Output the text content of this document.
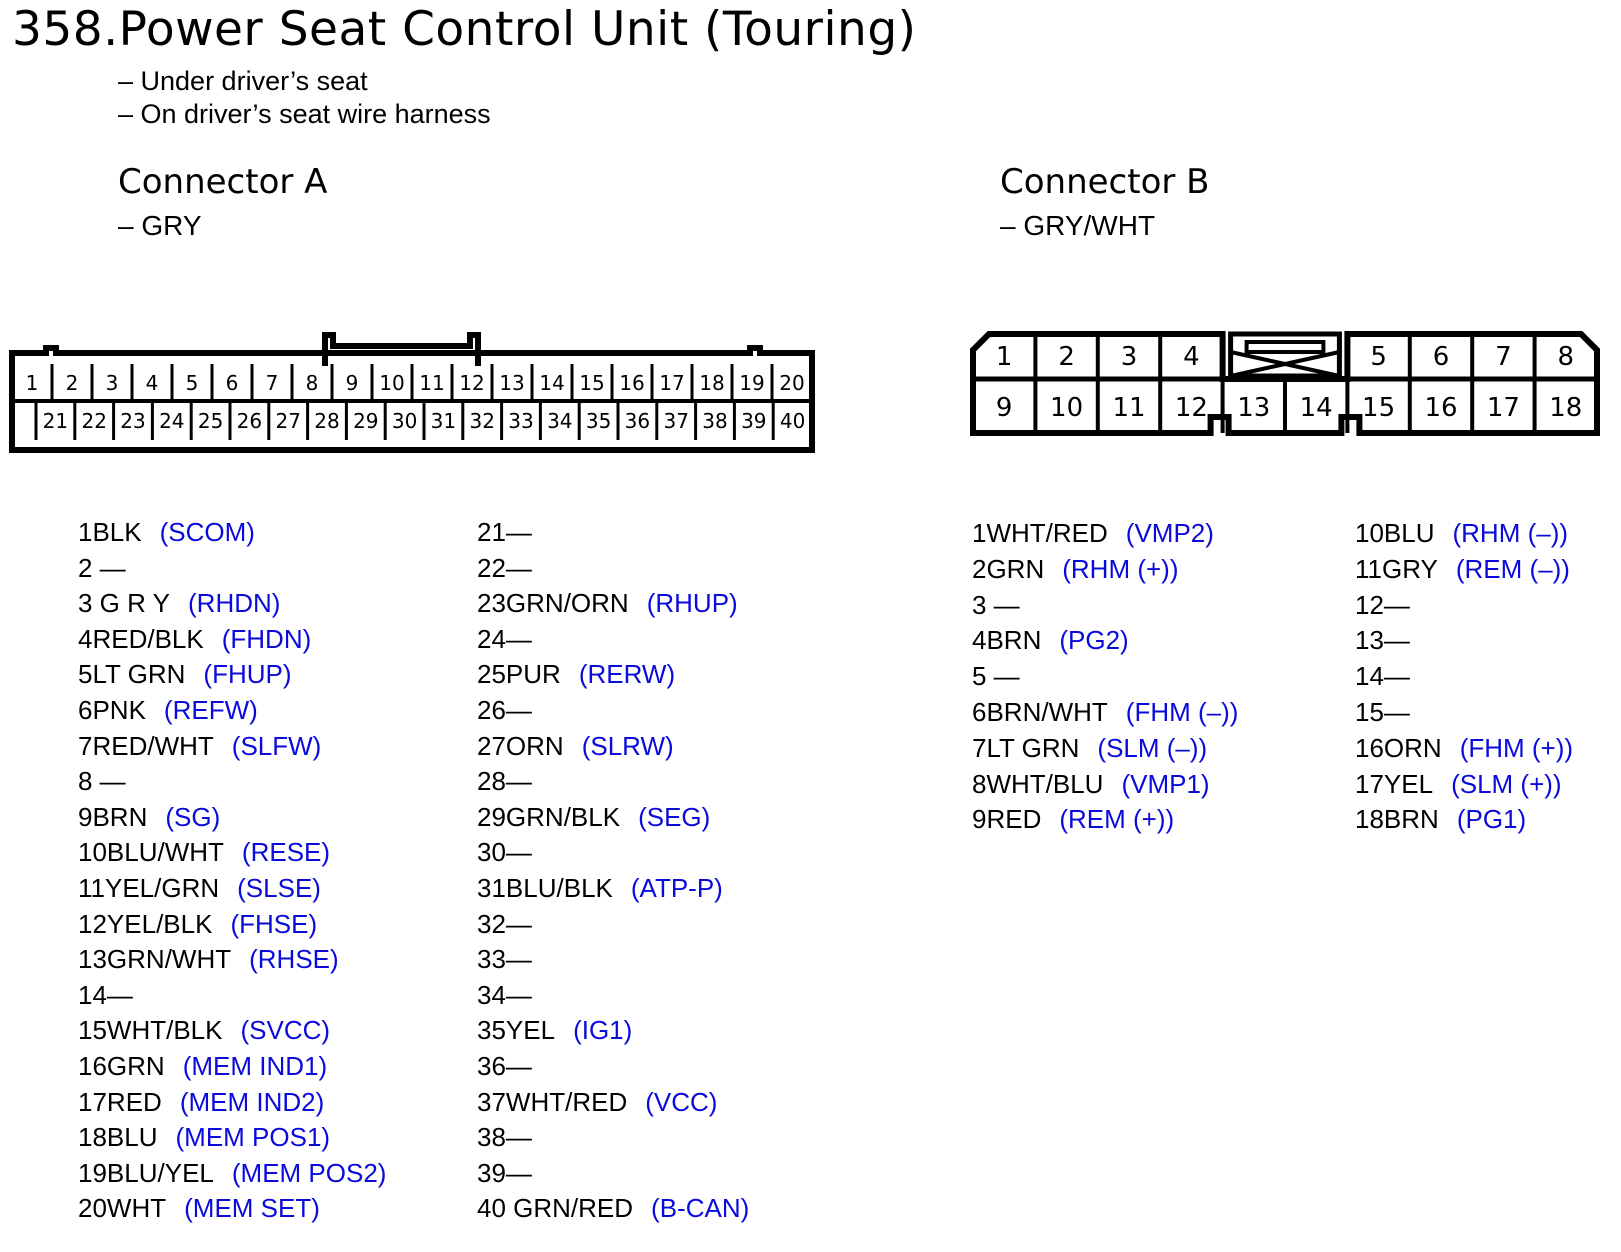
358.Power Seat Control Unit (Touring)
– Under driver’s seat
– On driver’s seat wire harness
Connector A
– GRY
Connector B
– GRY/WHT
1 2 3 4 5 6 7 8 9 10 11 12 13 14 15 16 17 18 19 20
21 22 23 24 25 26 27 28 29 30 31 32 33 34 35 36 37 38 39 40
1 2 3 4	5 6 7 8
9 10 11 12 13 14 15 16 17 18
1BLK (SCOM)
2 —
3 G R Y (RHDN)
4RED/BLK (FHDN)
5LT GRN (FHUP)
6PNK (REFW)
7RED/WHT (SLFW)
8 —
9BRN (SG)
10BLU/WHT (RESE)
11YEL/GRN (SLSE)
12YEL/BLK (FHSE)
13GRN/WHT (RHSE)
14—
15WHT/BLK (SVCC)
16GRN (MEM IND1)
17RED (MEM IND2)
18BLU (MEM POS1)
19BLU/YEL (MEM POS2)
20WHT (MEM SET)
21—
22—
23GRN/ORN (RHUP)
24—
25PUR (RERW)
26—
27ORN (SLRW)
28—
29GRN/BLK (SEG)
30—
31BLU/BLK (ATP-P)
32—
33—
34—
35YEL (IG1)
36—
37WHT/RED (VCC)
38—
39—
40 GRN/RED (B-CAN)
1WHT/RED (VMP2)
2GRN (RHM (+))
3 —
4BRN (PG2)
5 —
6BRN/WHT (FHM (–))
7LT GRN (SLM (–))
8WHT/BLU (VMP1)
9RED (REM (+))
10BLU (RHM (–))
11GRY (REM (–))
12—
13—
14—
15—
16ORN (FHM (+))
17YEL (SLM (+))
18BRN (PG1)
